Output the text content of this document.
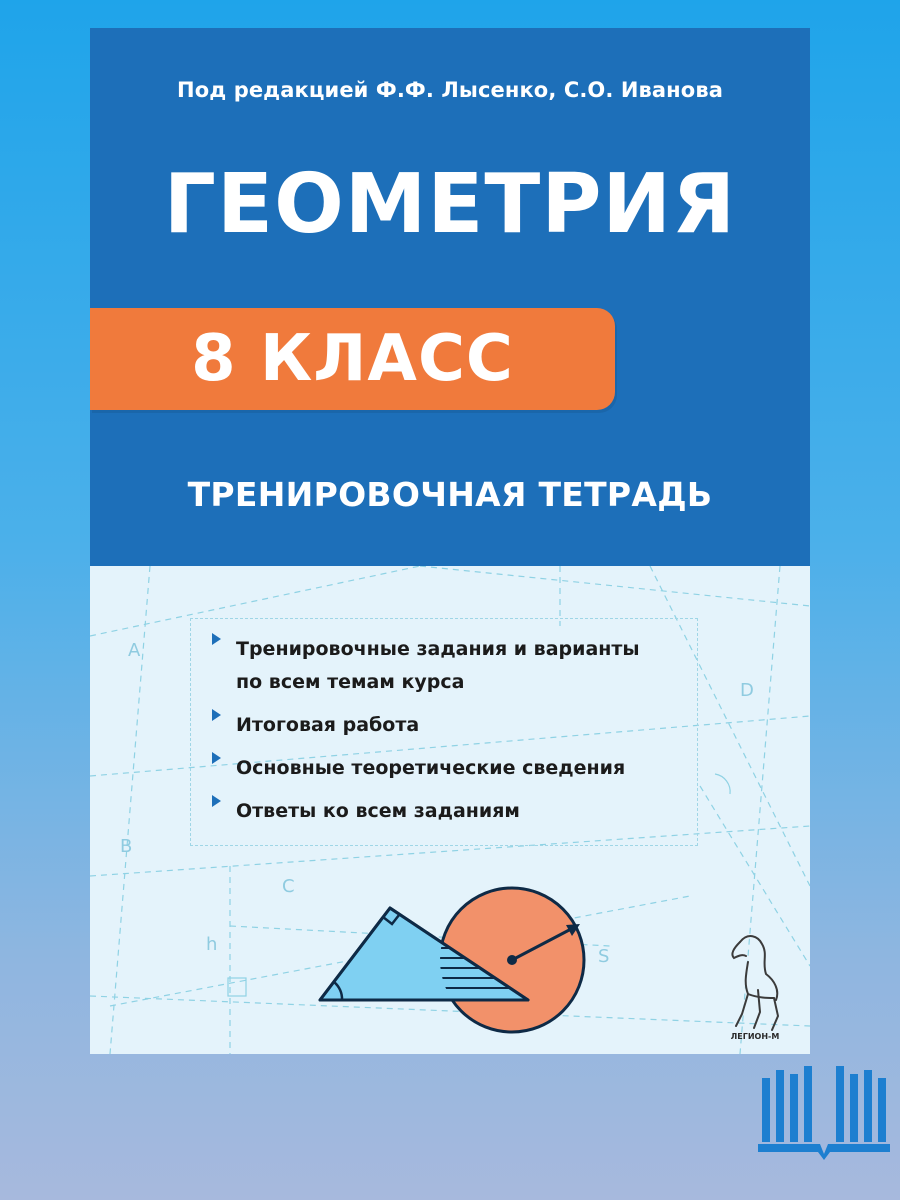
Под редакцией Ф.Ф. Лысенко, С.О. Иванова
ГЕОМЕТРИЯ
8 КЛАСС
ТРЕНИРОВОЧНАЯ ТЕТРАДЬ
Тренировочные задания и варианты
по всем темам курса
Итоговая работа
Основные теоретические сведения
Ответы ко всем заданиям
A
B
C
D
h
S
ЛЕГИОН-М
